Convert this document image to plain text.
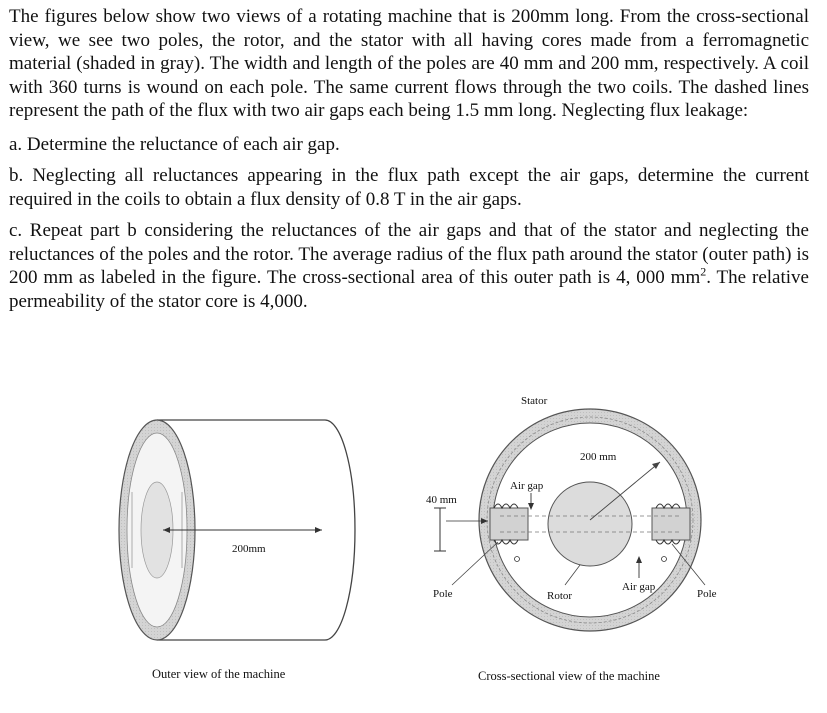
The figures below show two views of a rotating machine that is 200mm long. From the cross-sectional view, we see two poles, the rotor, and the stator with all having cores made from a ferromagnetic material (shaded in gray). The width and length of the poles are 40 mm and 200 mm, respectively. A coil with 360 turns is wound on each pole. The same current flows through the two coils. The dashed lines represent the path of the flux with two air gaps each being 1.5 mm long. Neglecting flux leakage:

a. Determine the reluctance of each air gap.

b. Neglecting all reluctances appearing in the flux path except the air gaps, determine the current required in the coils to obtain a flux density of 0.8 T in the air gaps.

c. Repeat part b considering the reluctances of the air gaps and that of the stator and neglecting the reluctances of the poles and the rotor. The average radius of the flux path around the stator (outer path) is 200 mm as labeled in the figure. The cross-sectional area of this outer path is 4, 000 $mm^2$. The relative permeability of the stator core is 4,000.

200mm
Outer view of the machine
Stator
200 mm
Air gap
40 mm
Pole	Rotor
Air gap
Pole
Cross-sectional view of the machine
